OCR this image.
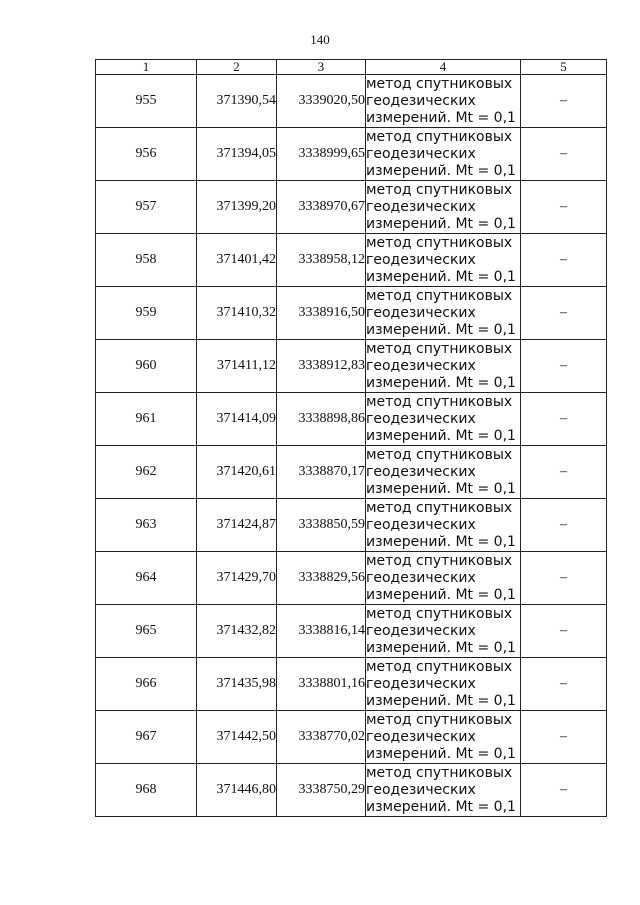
140
1	2	3	4	5
955	371390,54	3339020,50	метод спутниковых
геодезических
измерений. Mt = 0,1	–
956	371394,05	3338999,65	метод спутниковых
геодезических
измерений. Mt = 0,1	–
957	371399,20	3338970,67	метод спутниковых
геодезических
измерений. Mt = 0,1	–
958	371401,42	3338958,12	метод спутниковых
геодезических
измерений. Mt = 0,1	–
959	371410,32	3338916,50	метод спутниковых
геодезических
измерений. Mt = 0,1	–
960	371411,12	3338912,83	метод спутниковых
геодезических
измерений. Mt = 0,1	–
961	371414,09	3338898,86	метод спутниковых
геодезических
измерений. Mt = 0,1	–
962	371420,61	3338870,17	метод спутниковых
геодезических
измерений. Mt = 0,1	–
963	371424,87	3338850,59	метод спутниковых
геодезических
измерений. Mt = 0,1	–
964	371429,70	3338829,56	метод спутниковых
геодезических
измерений. Mt = 0,1	–
965	371432,82	3338816,14	метод спутниковых
геодезических
измерений. Mt = 0,1	–
966	371435,98	3338801,16	метод спутниковых
геодезических
измерений. Mt = 0,1	–
967	371442,50	3338770,02	метод спутниковых
геодезических
измерений. Mt = 0,1	–
968	371446,80	3338750,29	метод спутниковых
геодезических
измерений. Mt = 0,1	–
